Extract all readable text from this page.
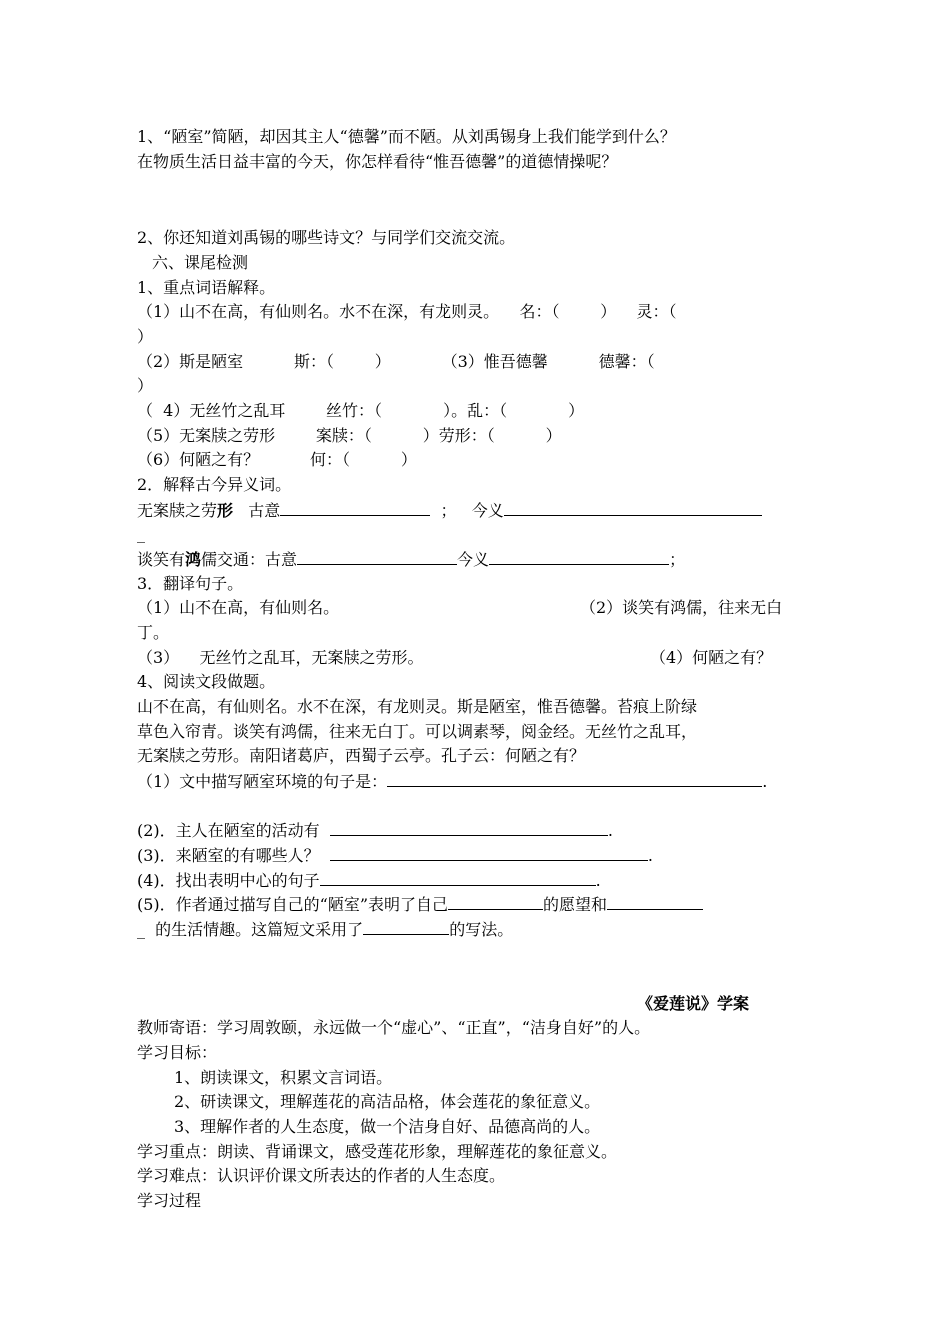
1、“陋室”简陋，却因其主人“德馨”而不陋。从刘禹锡身上我们能学到什么？

在物质生活日益丰富的今天，你怎样看待“惟吾德馨”的道德情操呢？

2、你还知道刘禹锡的哪些诗文？与同学们交流交流。

六、课尾检测

1、重点词语解释。

（1）山不在高，有仙则名。水不在深，有龙则灵。    名：（        ）    灵：（

）

（2）斯是陋室          斯：（        ）          （3）惟吾德馨          德馨：（

）

（  4）无丝竹之乱耳        丝竹：（            ）。乱：（            ）

（5）无案牍之劳形        案牍：（          ）劳形：（          ）

（6）何陋之有？          何：（          ）

2．解释古今异义词。

无案牍之劳形   古意	；   今义

_

谈笑有鸿儒交通：古意	今义	；

3．翻译句子。

（1）山不在高，有仙则名。	（2）谈笑有鸿儒，往来无白

丁。

（3）    无丝竹之乱耳，无案牍之劳形。	（4）何陋之有？

4、阅读文段做题。

山不在高，有仙则名。水不在深，有龙则灵。斯是陋室，惟吾德馨。苔痕上阶绿

草色入帘青。谈笑有鸿儒，往来无白丁。可以调素琴，阅金经。无丝竹之乱耳，

无案牍之劳形。南阳诸葛庐，西蜀子云亭。孔子云：何陋之有？

（1）文中描写陋室环境的句子是：	.

(2)．主人在陋室的活动有	.

(3)．来陋室的有哪些人？	.

(4)．找出表明中心的句子	.

(5)．作者通过描写自己的“陋室”表明了自己	的愿望和

_  的生活情趣。这篇短文采用了	的写法。

《爱莲说》学案

教师寄语：学习周敦颐，永远做一个“虚心”、“正直”，“洁身自好”的人。

学习目标：

1、朗读课文，积累文言词语。

2、研读课文，理解莲花的高洁品格，体会莲花的象征意义。

3、理解作者的人生态度，做一个洁身自好、品德高尚的人。

学习重点：朗读、背诵课文，感受莲花形象，理解莲花的象征意义。

学习难点：认识评价课文所表达的作者的人生态度。

学习过程
